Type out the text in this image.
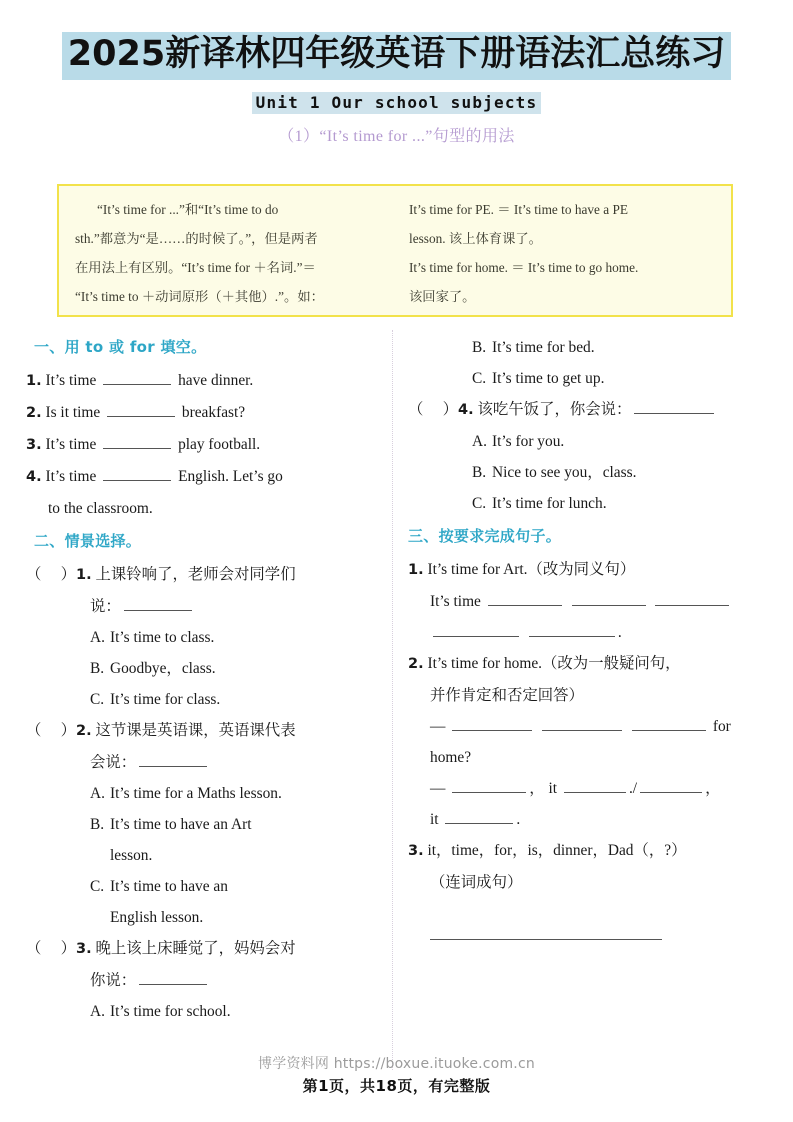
2025新译林四年级英语下册语法汇总练习
Unit 1 Our school subjects
（1）“It’s time for ...”句型的用法

“It’s time for ...”和“It’s time to do

sth.”都意为“是……的时候了。”，但是两者

在用法上有区别。“It’s time for ＋名词.”＝

“It’s time to ＋动词原形（＋其他）.”。如：

It’s time for PE. ＝ It’s time to have a PE

lesson. 该上体育课了。

It’s time for home. ＝ It’s time to go home.

该回家了。

一、用 to 或 for 填空。
1. It’s time	have dinner.
2. Is it time	breakfast?
3. It’s time	play football.
4. It’s time	English. Let’s go
to the classroom.
二、情景选择。
（     ）1. 上课铃响了，老师会对同学们
说：
A. It’s time to class.
B. Goodbye，class.
C. It’s time for class.
（     ）2. 这节课是英语课，英语课代表
会说：
A. It’s time for a Maths lesson.
B. It’s time to have an Art
lesson.
C. It’s time to have an
English lesson.
（     ）3. 晚上该上床睡觉了，妈妈会对
你说：
A. It’s time for school.
B. It’s time for bed.
C. It’s time to get up.
（     ）4. 该吃午饭了，你会说：
A. It’s for you.
B. Nice to see you，class.
C. It’s time for lunch.
三、按要求完成句子。
1. It’s time for Art.（改为同义句）
It’s time
.
2. It’s time for home.（改为一般疑问句，
并作肯定和否定回答）
—	for
home?
—	， it	./	，
it	.
3. it，time，for，is，dinner，Dad（，?）
（连词成句）
博学资料网 https://boxue.ituoke.com.cn
第1页，共18页，有完整版
